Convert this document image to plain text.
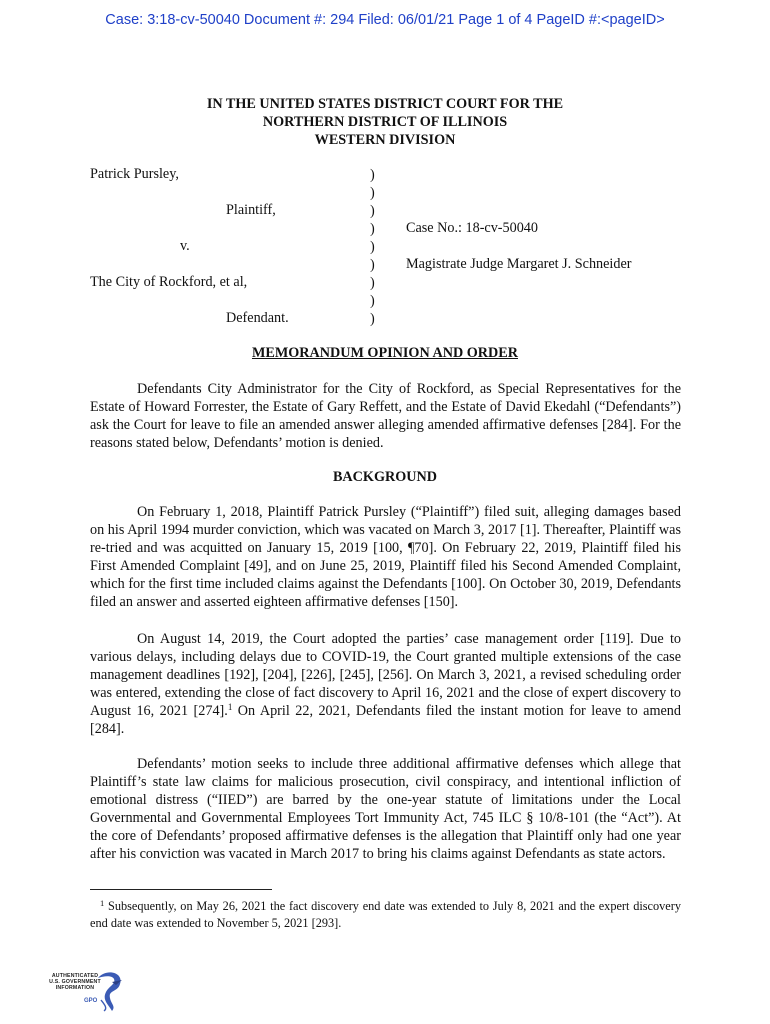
Case: 3:18-cv-50040 Document #: 294 Filed: 06/01/21 Page 1 of 4 PageID #:<pageID>
IN THE UNITED STATES DISTRICT COURT FOR THE
NORTHERN DISTRICT OF ILLINOIS
WESTERN DIVISION
Patrick Pursley,
Plaintiff,
v.
The City of Rockford, et al,
Defendant.
)
)
)
)
)
)
)
)
)
Case No.: 18-cv-50040
Magistrate Judge Margaret J. Schneider
MEMORANDUM OPINION AND ORDER
Defendants City Administrator for the City of Rockford, as Special Representatives for the Estate of Howard Forrester, the Estate of Gary Reffett, and the Estate of David Ekedahl (“Defendants”) ask the Court for leave to file an amended answer alleging amended affirmative defenses [284]. For the reasons stated below, Defendants’ motion is denied.
BACKGROUND
On February 1, 2018, Plaintiff Patrick Pursley (“Plaintiff”) filed suit, alleging damages based on his April 1994 murder conviction, which was vacated on March 3, 2017 [1]. Thereafter, Plaintiff was re-tried and was acquitted on January 15, 2019 [100, ¶70]. On February 22, 2019, Plaintiff filed his First Amended Complaint [49], and on June 25, 2019, Plaintiff filed his Second Amended Complaint, which for the first time included claims against the Defendants [100]. On October 30, 2019, Defendants filed an answer and asserted eighteen affirmative defenses [150].
On August 14, 2019, the Court adopted the parties’ case management order [119]. Due to various delays, including delays due to COVID-19, the Court granted multiple extensions of the case management deadlines [192], [204], [226], [245], [256]. On March 3, 2021, a revised scheduling order was entered, extending the close of fact discovery to April 16, 2021 and the close of expert discovery to August 16, 2021 [274].$^1$ On April 22, 2021, Defendants filed the instant motion for leave to amend [284].
Defendants’ motion seeks to include three additional affirmative defenses which allege that Plaintiff’s state law claims for malicious prosecution, civil conspiracy, and intentional infliction of emotional distress (“IIED”) are barred by the one-year statute of limitations under the Local Governmental and Governmental Employees Tort Immunity Act, 745 ILC § 10/8-101 (the “Act”). At the core of Defendants’ proposed affirmative defenses is the allegation that Plaintiff only had one year after his conviction was vacated in March 2017 to bring his claims against Defendants as state actors.
$^1$ Subsequently, on May 26, 2021 the fact discovery end date was extended to July 8, 2021 and the expert discovery end date was extended to November 5, 2021 [293].
AUTHENTICATED
U.S. GOVERNMENT
INFORMATION
GPO
